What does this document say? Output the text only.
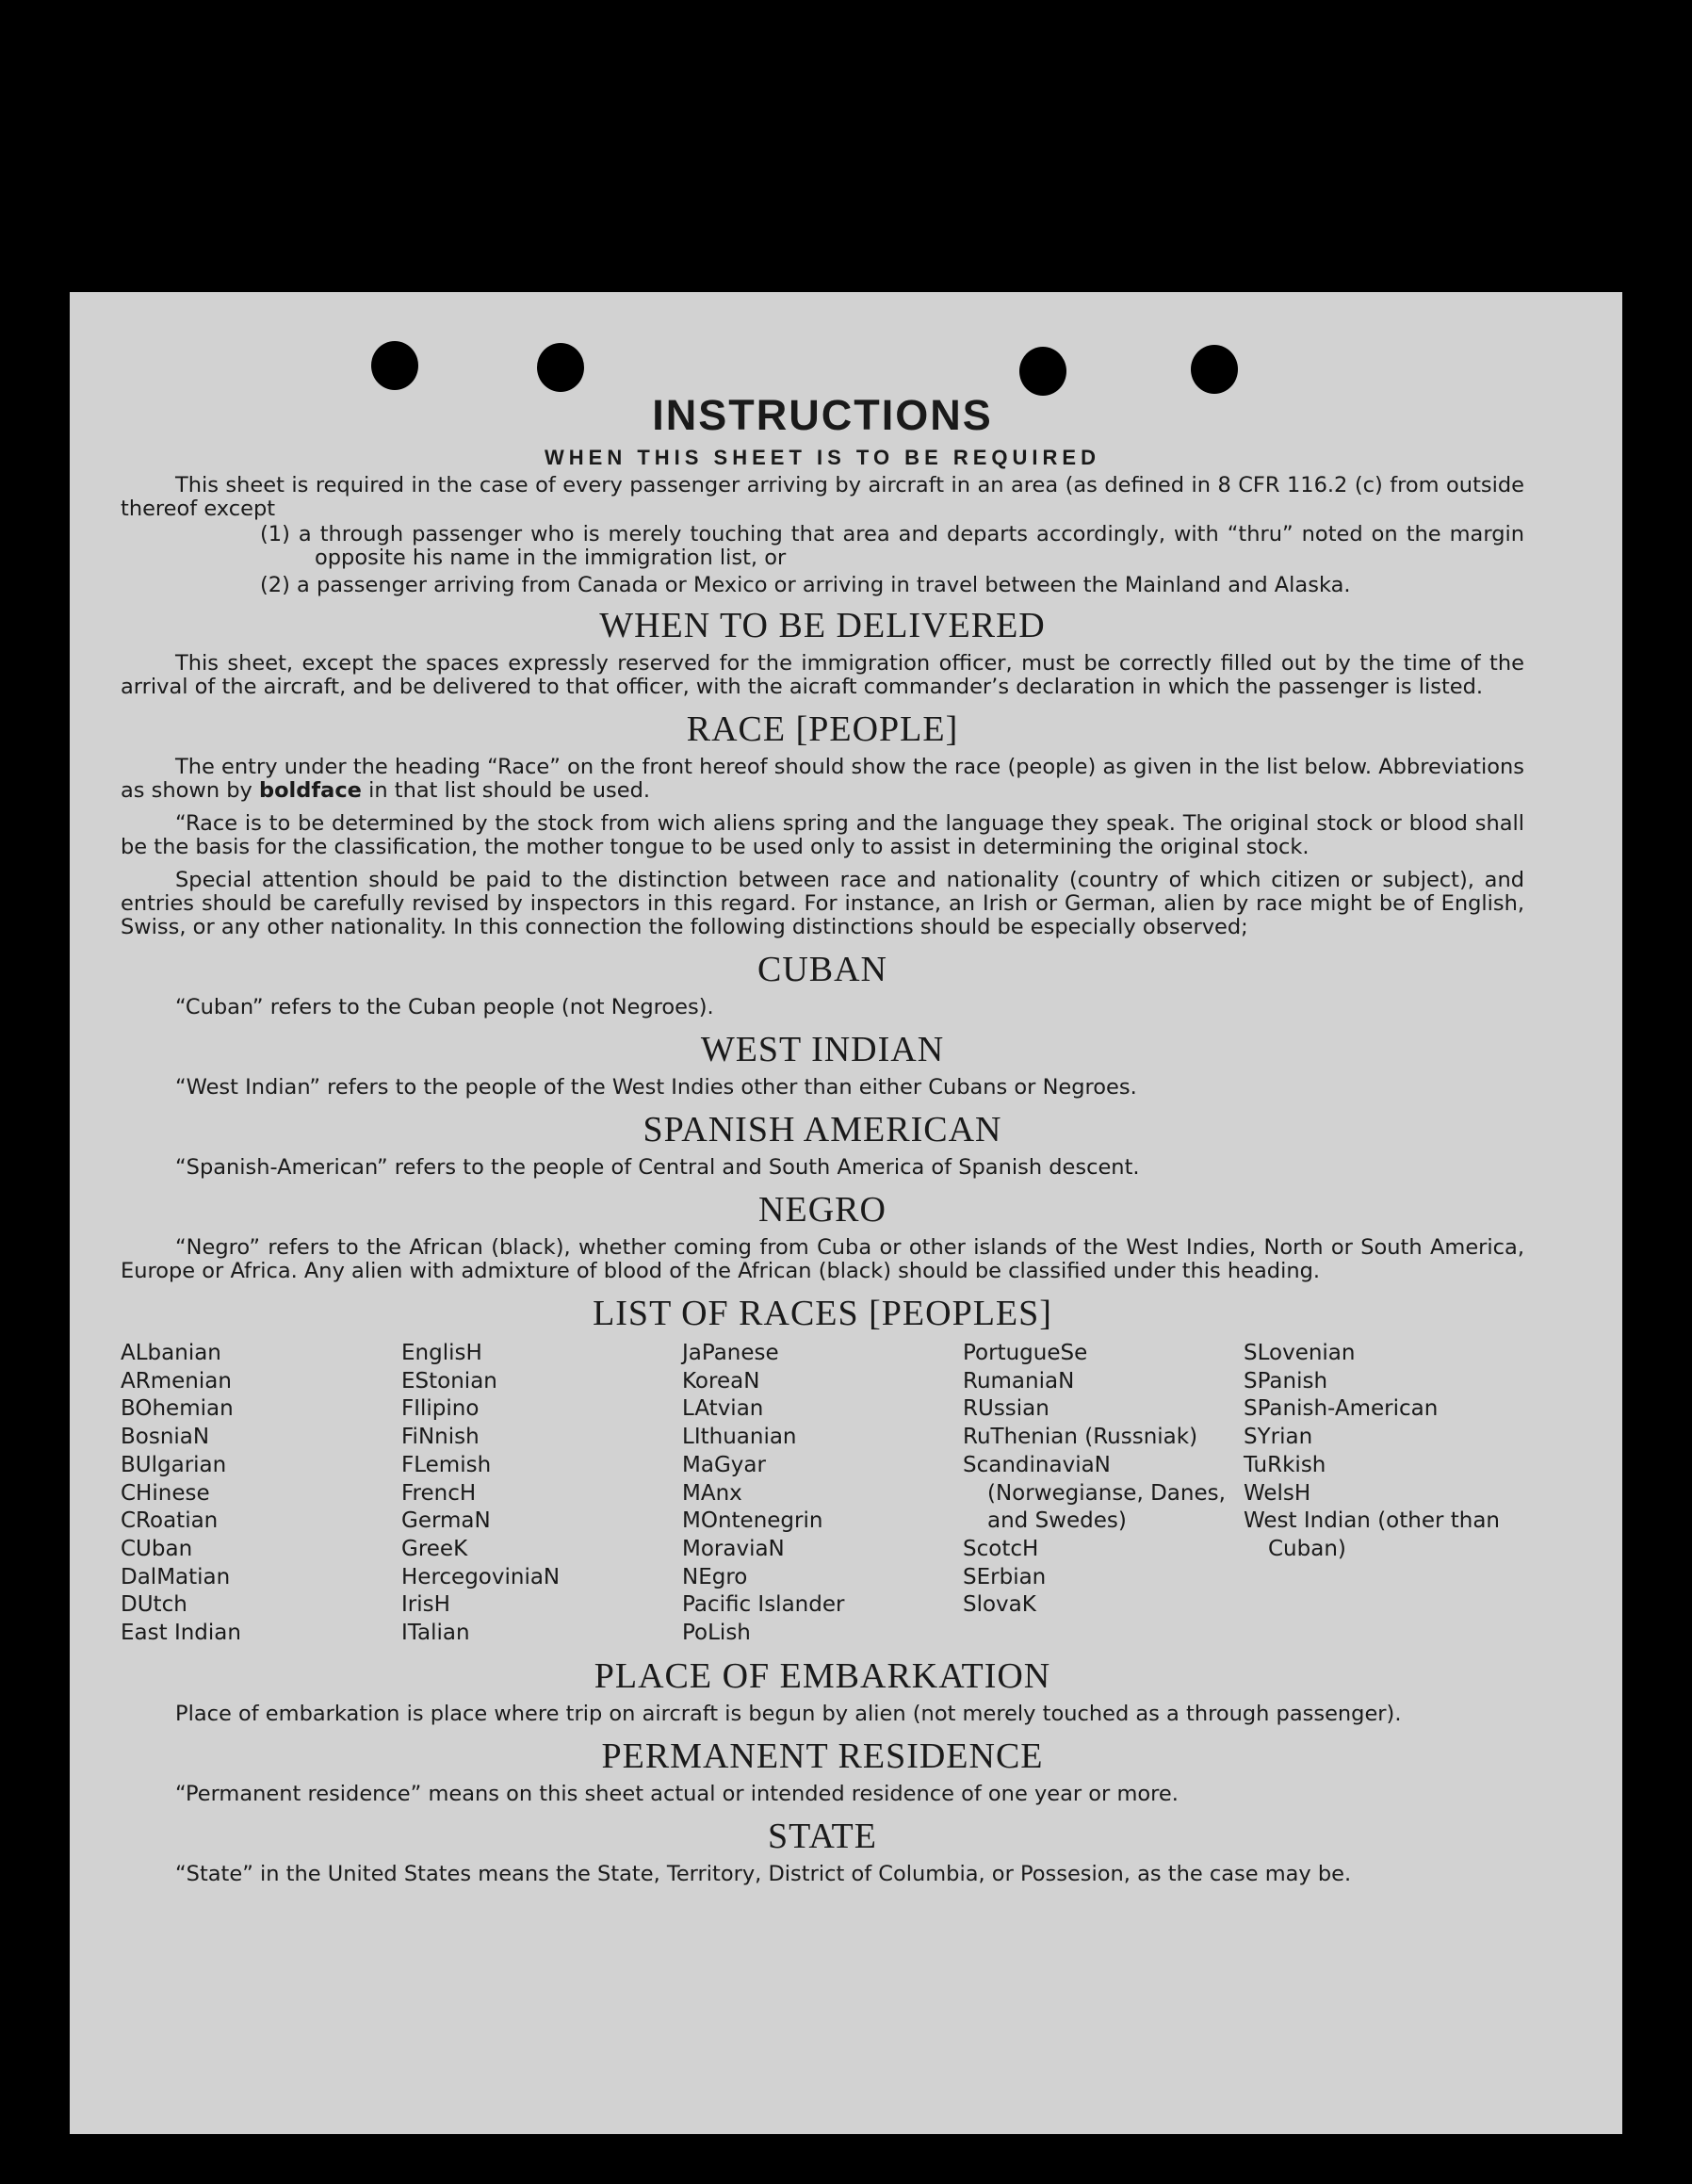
INSTRUCTIONS
WHEN THIS SHEET IS TO BE REQUIRED

This sheet is required in the case of every passenger arriving by aircraft in an area (as defined in 8 CFR 116.2 (c) from outside thereof except

(1) a through passenger who is merely touching that area and departs accordingly, with “thru” noted on the margin opposite his name in the immigration list, or
(2) a passenger arriving from Canada or Mexico or arriving in travel between the Mainland and Alaska.
WHEN TO BE DELIVERED

This sheet, except the spaces expressly reserved for the immigration officer, must be correctly filled out by the time of the arrival of the aircraft, and be delivered to that officer, with the aicraft commander’s declaration in which the passenger is listed.

RACE [PEOPLE]

The entry under the heading “Race” on the front hereof should show the race (people) as given in the list below. Abbreviations as shown by boldface in that list should be used.

“Race is to be determined by the stock from wich aliens spring and the language they speak. The original stock or blood shall be the basis for the classification, the mother tongue to be used only to assist in determining the original stock.

Special attention should be paid to the distinction between race and nationality (country of which citizen or subject), and entries should be carefully revised by inspectors in this regard. For instance, an Irish or German, alien by race might be of English, Swiss, or any other nationality. In this connection the following distinctions should be especially observed;

CUBAN

“Cuban” refers to the Cuban people (not Negroes).

WEST INDIAN

“West Indian” refers to the people of the West Indies other than either Cubans or Negroes.

SPANISH AMERICAN

“Spanish-American” refers to the people of Central and South America of Spanish descent.

NEGRO

“Negro” refers to the African (black), whether coming from Cuba or other islands of the West Indies, North or South America, Europe or Africa. Any alien with admixture of blood of the African (black) should be classified under this heading.

LIST OF RACES [PEOPLES]
ALbanian
ARmenian
BOhemian
BosniaN
BUlgarian
CHinese
CRoatian
CUban
DalMatian
DUtch
East Indian
EnglisH
EStonian
FIlipino
FiNnish
FLemish
FrencH
GermaN
GreeK
HercegoviniaN
IrisH
ITalian
JaPanese
KoreaN
LAtvian
LIthuanian
MaGyar
MAnx
MOntenegrin
MoraviaN
NEgro
Pacific Islander
PoLish
PortugueSe
RumaniaN
RUssian
RuThenian (Russniak)
ScandinaviaN (Norwegianse, Danes, and Swedes)
ScotcH
SErbian
SlovaK
SLovenian
SPanish
SPanish-American
SYrian
TuRkish
WelsH
West Indian (other than Cuban)
PLACE OF EMBARKATION

Place of embarkation is place where trip on aircraft is begun by alien (not merely touched as a through passenger).

PERMANENT RESIDENCE

“Permanent residence” means on this sheet actual or intended residence of one year or more.

STATE

“State” in the United States means the State, Territory, District of Columbia, or Possesion, as the case may be.
